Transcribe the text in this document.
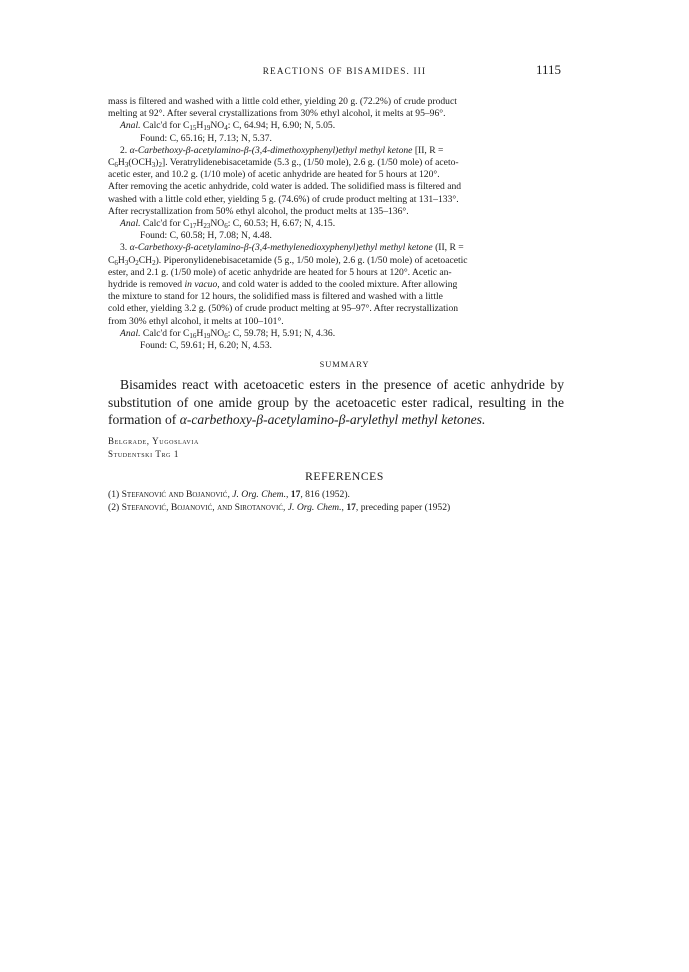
REACTIONS OF BISAMIDES. III	1115

mass is filtered and washed with a little cold ether, yielding 20 g. (72.2%) of crude product

melting at 92°. After several crystallizations from 30% ethyl alcohol, it melts at 95–96°.

Anal. Calc'd for $C_{15}H_{19}NO_4$: C, 64.94; H, 6.90; N, 5.05.

Found: C, 65.16; H, 7.13; N, 5.37.

2. α-Carbethoxy-β-acetylamino-β-(3,4-dimethoxyphenyl)ethyl methyl ketone [II, R =

$C_6H_3(OCH_3)_2$]. Veratrylidenebisacetamide (5.3 g., (1/50 mole), 2.6 g. (1/50 mole) of aceto-

acetic ester, and 10.2 g. (1/10 mole) of acetic anhydride are heated for 5 hours at 120°.

After removing the acetic anhydride, cold water is added. The solidified mass is filtered and

washed with a little cold ether, yielding 5 g. (74.6%) of crude product melting at 131–133°.

After recrystallization from 50% ethyl alcohol, the product melts at 135–136°.

Anal. Calc'd for $C_{17}H_{23}NO_6$: C, 60.53; H, 6.67; N, 4.15.

Found: C, 60.58; H, 7.08; N, 4.48.

3. α-Carbethoxy-β-acetylamino-β-(3,4-methylenedioxyphenyl)ethyl methyl ketone (II, R =

$C_6H_3O_2CH_2$). Piperonylidenebisacetamide (5 g., 1/50 mole), 2.6 g. (1/50 mole) of acetoacetic

ester, and 2.1 g. (1/50 mole) of acetic anhydride are heated for 5 hours at 120°. Acetic an-

hydride is removed in vacuo, and cold water is added to the cooled mixture. After allowing

the mixture to stand for 12 hours, the solidified mass is filtered and washed with a little

cold ether, yielding 3.2 g. (50%) of crude product melting at 95–97°. After recrystallization

from 30% ethyl alcohol, it melts at 100–101°.

Anal. Calc'd for $C_{16}H_{19}NO_6$: C, 59.78; H, 5.91; N, 4.36.

Found: C, 59.61; H, 6.20; N, 4.53.

SUMMARY
Bisamides react with acetoacetic esters in the presence of acetic anhydride by substitution of one amide group by the acetoacetic ester radical, resulting in the formation of α-carbethoxy-β-acetylamino-β-arylethyl methyl ketones.
Belgrade, Yugoslavia
Studentski Trg 1
REFERENCES
(1) Stefanović and Bojanović, J. Org. Chem., 17, 816 (1952).
(2) Stefanović, Bojanović, and Sirotanović, J. Org. Chem., 17, preceding paper (1952)
